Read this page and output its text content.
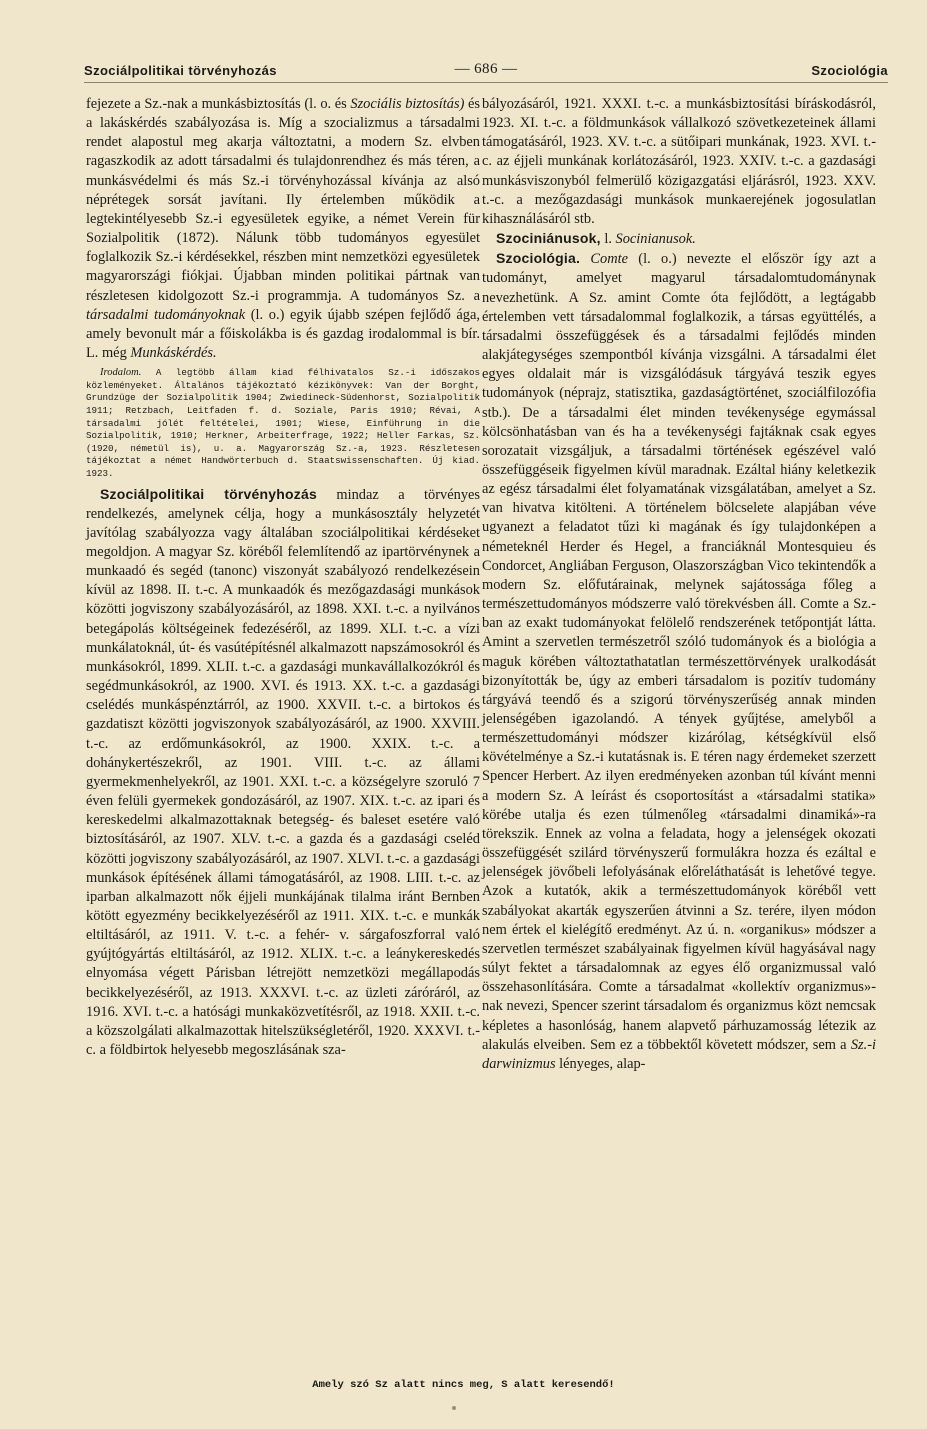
Szociálpolitikai törvényhozás	— 686 —	Szociológia

fejezete a Sz.-nak a munkásbiztosítás (l. o. és Szociális biztosítás) és a lakáskérdés szabályozása is. Míg a szocializmus a társadalmi rendet alapostul meg akarja változtatni, a modern Sz. elvben ragaszkodik az adott társadalmi és tulajdonrendhez és más téren, a munkásvédelmi és más Sz.-i törvényhozással kívánja az alsó néprétegek sorsát javítani. Ily értelemben működik a legtekintélyesebb Sz.-i egyesületek egyike, a német Verein für Sozialpolitik (1872). Nálunk több tudományos egyesület foglalkozik Sz.-i kérdésekkel, részben mint nemzetközi egyesületek magyarországi fiókjai. Újabban minden politikai pártnak van részletesen kidolgozott Sz.-i programmja. A tudományos Sz. a társadalmi tudományoknak (l. o.) egyik újabb szépen fejlődő ága, amely bevonult már a főiskolákba is és gazdag irodalommal is bír. L. még Munkáskérdés.

Irodalom. A legtöbb állam kiad félhivatalos Sz.-i időszakos közleményeket. Általános tájékoztató kézikönyvek: Van der Borght, Grundzüge der Sozialpolitik 1904; Zwiedineck-Südenhorst, Sozialpolitik 1911; Retzbach, Leitfaden f. d. Soziale, Paris 1910; Révai, A társadalmi jólét feltételei, 1901; Wiese, Einführung in die Sozialpolitik, 1910; Herkner, Arbeiterfrage, 1922; Heller Farkas, Sz. (1920, németül is), u. a. Magyarország Sz.-a, 1923. Részletesen tájékoztat a német Handwörterbuch d. Staatswissenschaften. Új kiad. 1923.

Szociálpolitikai törvényhozás mindaz a törvényes rendelkezés, amelynek célja, hogy a munkásosztály helyzetét javítólag szabályozza vagy általában szociálpolitikai kérdéseket megoldjon. A magyar Sz. köréből felemlítendő az ipartörvénynek a munkaadó és segéd (tanonc) viszonyát szabályozó rendelkezésein kívül az 1898. II. t.-c. A munkaadók és mezőgazdasági munkások közötti jogviszony szabályozásáról, az 1898. XXI. t.-c. a nyilvános betegápolás költségeinek fedezéséről, az 1899. XLI. t.-c. a vízi munkálatoknál, út- és vasútépítésnél alkalmazott napszámosokról és munkásokról, 1899. XLII. t.-c. a gazdasági munkavállalkozókról és segédmunkásokról, az 1900. XVI. és 1913. XX. t.-c. a gazdasági cselédés munkáspénztárról, az 1900. XXVII. t.-c. a birtokos és gazdatiszt közötti jogviszonyok szabályozásáról, az 1900. XXVIII. t.-c. az erdőmunkásokról, az 1900. XXIX. t.-c. a dohánykertészekről, az 1901. VIII. t.-c. az állami gyermekmenhelyekről, az 1901. XXI. t.-c. a községelyre szoruló 7 éven felüli gyermekek gondozásáról, az 1907. XIX. t.-c. az ipari és kereskedelmi alkalmazottaknak betegség- és baleset esetére való biztosításáról, az 1907. XLV. t.-c. a gazda és a gazdasági cseléd közötti jogviszony szabályozásáról, az 1907. XLVI. t.-c. a gazdasági munkások építésének állami támogatásáról, az 1908. LIII. t.-c. az iparban alkalmazott nők éjjeli munkájának tilalma iránt Bernben kötött egyezmény becikkelyezéséről az 1911. XIX. t.-c. e munkák eltiltásáról, az 1911. V. t.-c. a fehér- v. sárgafoszforral való gyújtógyártás eltiltásáról, az 1912. XLIX. t.-c. a leánykereskedés elnyomása végett Párisban létrejött nemzetközi megállapodás becikkelyezéséről, az 1913. XXXVI. t.-c. az üzleti záróráról, az 1916. XVI. t.-c. a hatósági munkaközvetítésről, az 1918. XXII. t.-c. a közszolgálati alkalmazottak hitelszükségletéről, 1920. XXXVI. t.-c. a földbirtok helyesebb megoszlásának sza-

bályozásáról, 1921. XXXI. t.-c. a munkásbiztosítási bíráskodásról, 1923. XI. t.-c. a földmunkások vállalkozó szövetkezeteinek állami támogatásáról, 1923. XV. t.-c. a sütőipari munkának, 1923. XVI. t.-c. az éjjeli munkának korlátozásáról, 1923. XXIV. t.-c. a gazdasági munkásviszonyból felmerülő közigazgatási eljárásról, 1923. XXV. t.-c. a mezőgazdasági munkások munkaerejének jogosulatlan kihasználásáról stb.

Szociniánusok, l. Socinianusok.

Szociológia. Comte (l. o.) nevezte el először így azt a tudományt, amelyet magyarul társadalomtudománynak nevezhetünk. A Sz. amint Comte óta fejlődött, a legtágabb értelemben vett társadalommal foglalkozik, a társas együttélés, a társadalmi összefüggések és a társadalmi fejlődés minden alakjátegységes szempontból kívánja vizsgálni. A társadalmi élet egyes oldalait már is vizsgálódásuk tárgyává teszik egyes tudományok (néprajz, statisztika, gazdaságtörténet, szociálfilozófia stb.). De a társadalmi élet minden tevékenysége egymással kölcsönhatásban van és ha a tevékenységi fajtáknak csak egyes sorozatait vizsgáljuk, a társadalmi történések egészével való összefüggéseik figyelmen kívül maradnak. Ezáltal hiány keletkezik az egész társadalmi élet folyamatának vizsgálatában, amelyet a Sz. van hivatva kitölteni. A történelem bölcselete alapjában véve ugyanezt a feladatot tűzi ki magának és így tulajdonképen a németeknél Herder és Hegel, a franciáknál Montesquieu és Condorcet, Angliában Ferguson, Olaszországban Vico tekintendők a modern Sz. előfutárainak, melynek sajátossága főleg a természettudományos módszerre való törekvésben áll. Comte a Sz.-ban az exakt tudományokat felölelő rendszerének tetőpontját látta. Amint a szervetlen természetről szóló tudományok és a biológia a maguk körében változtathatatlan természettörvények uralkodását bizonyították be, úgy az emberi társadalom is pozitív tudomány tárgyává teendő és a szigorú törvényszerűség annak minden jelenségében igazolandó. A tények gyűjtése, amelyből a természettudományi módszer kizárólag, kétségkívül első kövételménye a Sz.-i kutatásnak is. E téren nagy érdemeket szerzett Spencer Herbert. Az ilyen eredményeken azonban túl kívánt menni a modern Sz. A leírást és csoportosítást a «társadalmi statika» körébe utalja és ezen túlmenőleg «társadalmi dinamiká»-ra törekszik. Ennek az volna a feladata, hogy a jelenségek okozati összefüggését szilárd törvényszerű formulákra hozza és ezáltal e jelenségek jövőbeli lefolyásának előreláthatását is lehetővé tegye. Azok a kutatók, akik a természettudományok köréből vett szabályokat akarták egyszerűen átvinni a Sz. terére, ilyen módon nem értek el kielégítő eredményt. Az ú. n. «organikus» módszer a szervetlen természet szabályainak figyelmen kívül hagyásával nagy súlyt fektet a társadalomnak az egyes élő organizmussal való összehasonlítására. Comte a társadalmat «kollektív organizmus»-nak nevezi, Spencer szerint társadalom és organizmus közt nemcsak képletes a hasonlóság, hanem alapvető párhuzamosság létezik az alakulás elveiben. Sem ez a többektől követett módszer, sem a Sz.-i darwinizmus lényeges, alap-

Amely szó Sz alatt nincs meg, S alatt keresendő!
